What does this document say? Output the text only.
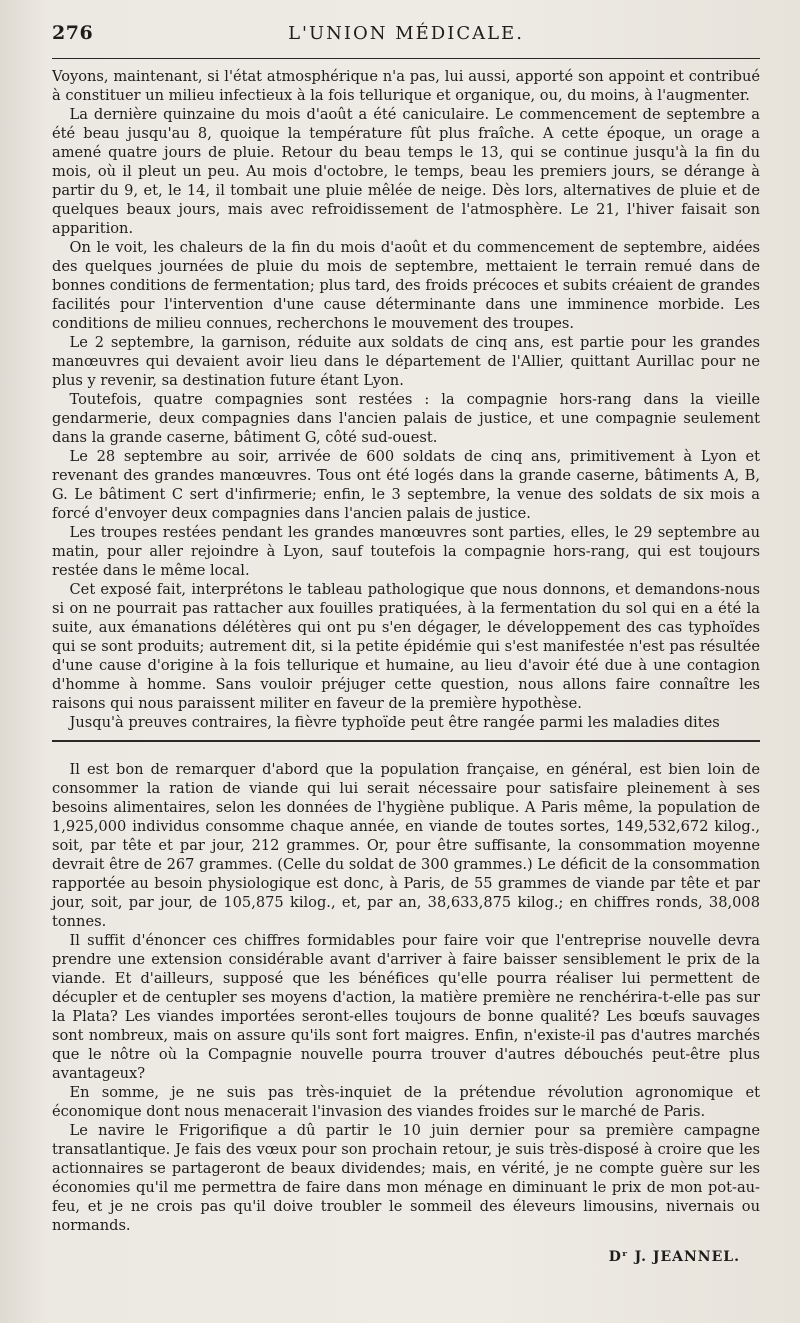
276	L'UNION MÉDICALE.

Voyons, maintenant, si l'état atmosphérique n'a pas, lui aussi, apporté son appoint et contribué à constituer un milieu infectieux à la fois tellurique et organique, ou, du moins, à l'augmenter.

La dernière quinzaine du mois d'août a été caniculaire. Le commencement de septembre a été beau jusqu'au 8, quoique la température fût plus fraîche. A cette époque, un orage a amené quatre jours de pluie. Retour du beau temps le 13, qui se continue jusqu'à la fin du mois, où il pleut un peu. Au mois d'octobre, le temps, beau les premiers jours, se dérange à partir du 9, et, le 14, il tombait une pluie mêlée de neige. Dès lors, alternatives de pluie et de quelques beaux jours, mais avec refroidissement de l'atmosphère. Le 21, l'hiver faisait son apparition.

On le voit, les chaleurs de la fin du mois d'août et du commencement de septembre, aidées des quelques journées de pluie du mois de septembre, mettaient le terrain remué dans de bonnes conditions de fermentation; plus tard, des froids précoces et subits créaient de grandes facilités pour l'intervention d'une cause déterminante dans une imminence morbide. Les conditions de milieu connues, recherchons le mouvement des troupes.

Le 2 septembre, la garnison, réduite aux soldats de cinq ans, est partie pour les grandes manœuvres qui devaient avoir lieu dans le département de l'Allier, quittant Aurillac pour ne plus y revenir, sa destination future étant Lyon.

Toutefois, quatre compagnies sont restées : la compagnie hors-rang dans la vieille gendarmerie, deux compagnies dans l'ancien palais de justice, et une compagnie seulement dans la grande caserne, bâtiment G, côté sud-ouest.

Le 28 septembre au soir, arrivée de 600 soldats de cinq ans, primitivement à Lyon et revenant des grandes manœuvres. Tous ont été logés dans la grande caserne, bâtiments A, B, G. Le bâtiment C sert d'infirmerie; enfin, le 3 septembre, la venue des soldats de six mois a forcé d'envoyer deux compagnies dans l'ancien palais de justice.

Les troupes restées pendant les grandes manœuvres sont parties, elles, le 29 septembre au matin, pour aller rejoindre à Lyon, sauf toutefois la compagnie hors-rang, qui est toujours restée dans le même local.

Cet exposé fait, interprétons le tableau pathologique que nous donnons, et demandons-nous si on ne pourrait pas rattacher aux fouilles pratiquées, à la fermentation du sol qui en a été la suite, aux émanations délétères qui ont pu s'en dégager, le développement des cas typhoïdes qui se sont produits; autrement dit, si la petite épidémie qui s'est manifestée n'est pas résultée d'une cause d'origine à la fois tellurique et humaine, au lieu d'avoir été due à une contagion d'homme à homme. Sans vouloir préjuger cette question, nous allons faire connaître les raisons qui nous paraissent militer en faveur de la première hypothèse.

Jusqu'à preuves contraires, la fièvre typhoïde peut être rangée parmi les maladies dites

Il est bon de remarquer d'abord que la population française, en général, est bien loin de consommer la ration de viande qui lui serait nécessaire pour satisfaire pleinement à ses besoins alimentaires, selon les données de l'hygiène publique. A Paris même, la population de 1,925,000 individus consomme chaque année, en viande de toutes sortes, 149,532,672 kilog., soit, par tête et par jour, 212 grammes. Or, pour être suffisante, la consommation moyenne devrait être de 267 grammes. (Celle du soldat de 300 grammes.) Le déficit de la consommation rapportée au besoin physiologique est donc, à Paris, de 55 grammes de viande par tête et par jour, soit, par jour, de 105,875 kilog., et, par an, 38,633,875 kilog.; en chiffres ronds, 38,008 tonnes.

Il suffit d'énoncer ces chiffres formidables pour faire voir que l'entreprise nouvelle devra prendre une extension considérable avant d'arriver à faire baisser sensiblement le prix de la viande. Et d'ailleurs, supposé que les bénéfices qu'elle pourra réaliser lui permettent de décupler et de centupler ses moyens d'action, la matière première ne renchérira-t-elle pas sur la Plata? Les viandes importées seront-elles toujours de bonne qualité? Les bœufs sauvages sont nombreux, mais on assure qu'ils sont fort maigres. Enfin, n'existe-il pas d'autres marchés que le nôtre où la Compagnie nouvelle pourra trouver d'autres débouchés peut-être plus avantageux?

En somme, je ne suis pas très-inquiet de la prétendue révolution agronomique et économique dont nous menacerait l'invasion des viandes froides sur le marché de Paris.

Le navire le Frigorifique a dû partir le 10 juin dernier pour sa première campagne transatlantique. Je fais des vœux pour son prochain retour, je suis très-disposé à croire que les actionnaires se partageront de beaux dividendes; mais, en vérité, je ne compte guère sur les économies qu'il me permettra de faire dans mon ménage en diminuant le prix de mon pot-au-feu, et je ne crois pas qu'il doive troubler le sommeil des éleveurs limousins, nivernais ou normands.

Dʳ J. JEANNEL.
